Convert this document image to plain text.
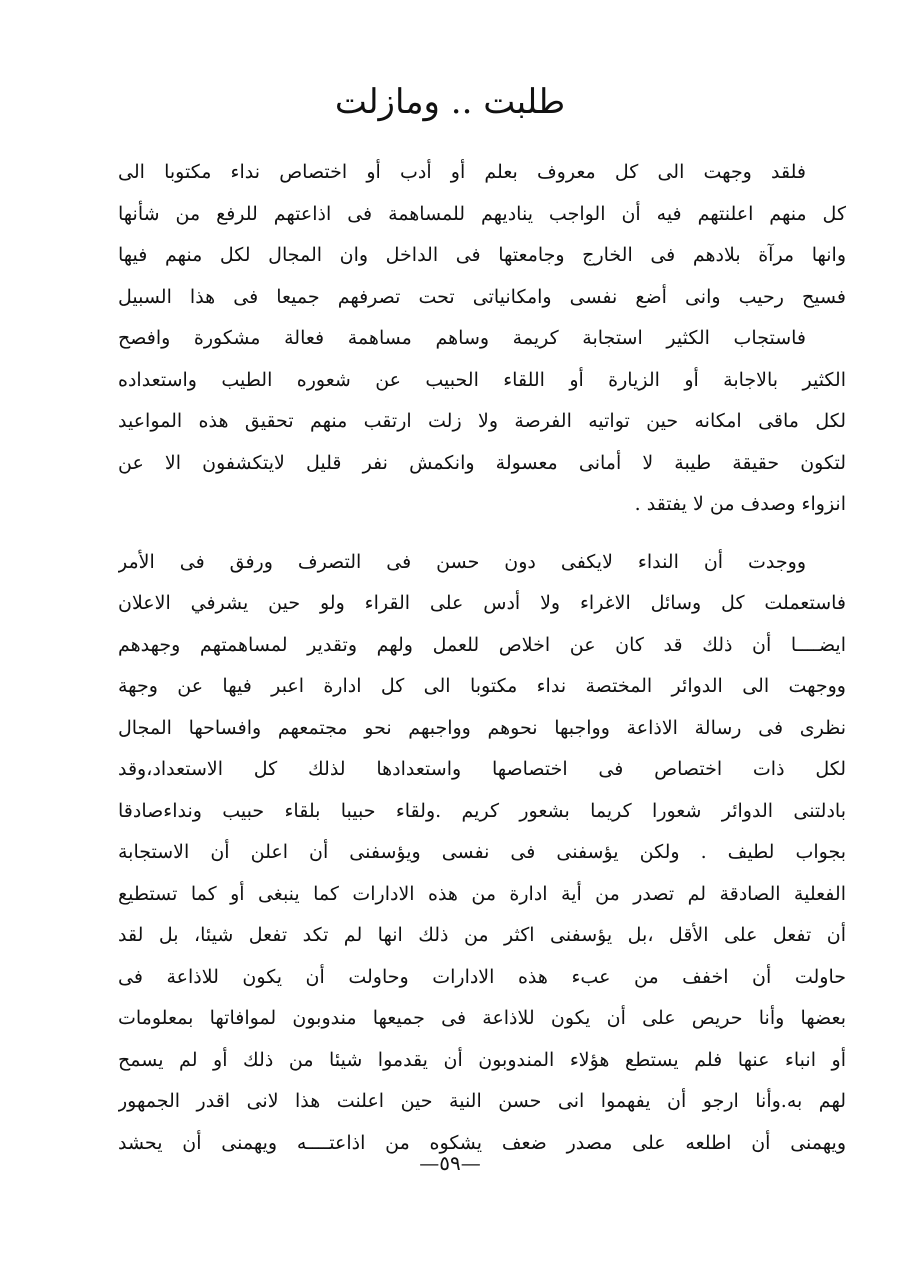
طلبت .. ومازلت
فلقد وجهت الى كل معروف بعلم أو أدب أو اختصاص نداء مكتوبا الى
كل منهم اعلنتهم فيه أن الواجب يناديهم للمساهمة فى اذاعتهم للرفع من شأنها
وانها مرآة بلادهم فى الخارج وجامعتها فى الداخل وان المجال لكل منهم فيها
فسيح رحيب وانى أضع نفسى وامكانياتى تحت تصرفهم جميعا فى هذا السبيل
فاستجاب الكثير استجابة كريمة وساهم مساهمة فعالة مشكورة وافصح
الكثير بالاجابة أو الزيارة أو اللقاء الحبيب عن شعوره الطيب واستعداده
لكل ماقى امكانه حين تواتيه الفرصة ولا زلت ارتقب منهم تحقيق هذه المواعيد
لتكون حقيقة طيبة لا أمانى معسولة وانكمش نفر قليل لايتكشفون الا عن
انزواء وصدف من لا يفتقد .
ووجدت أن النداء لايكفى دون حسن فى التصرف ورفق فى الأمر
فاستعملت كل وسائل الاغراء ولا أدس على القراء ولو حين يشرفي الاعلان
ايضــــا أن ذلك قد كان عن اخلاص للعمل ولهم وتقدير لمساهمتهم وجهدهم
ووجهت الى الدوائر المختصة نداء مكتوبا الى كل ادارة اعبر فيها عن وجهة
نظرى فى رسالة الاذاعة وواجبها نحوهم وواجبهم نحو مجتمعهم وافساحها المجال
لكل ذات اختصاص فى اختصاصها واستعدادها لذلك كل الاستعداد،وقد
بادلتنى الدوائر شعورا كريما بشعور كريم .ولقاء حبيبا بلقاء حبيب ونداءصادقا
بجواب لطيف . ولكن يؤسفنى فى نفسى ويؤسفنى أن اعلن أن الاستجابة
الفعلية الصادقة لم تصدر من أية ادارة من هذه الادارات كما ينبغى أو كما تستطيع
أن تفعل على الأقل ،بل يؤسفنى اكثر من ذلك انها لم تكد تفعل شيئا، بل لقد
حاولت أن اخفف من عبء هذه الادارات وحاولت أن يكون للاذاعة فى
بعضها وأنا حريص على أن يكون للاذاعة فى جميعها مندوبون لموافاتها بمعلومات
أو انباء عنها فلم يستطع هؤلاء المندوبون أن يقدموا شيئا من ذلك أو لم يسمح
لهم به.وأنا ارجو أن يفهموا انى حسن النية حين اعلنت هذا لانى اقدر الجمهور
ويهمنى أن اطلعه على مصدر ضعف يشكوه من اذاعتــــه ويهمنى أن يحشد
—٥٩—
